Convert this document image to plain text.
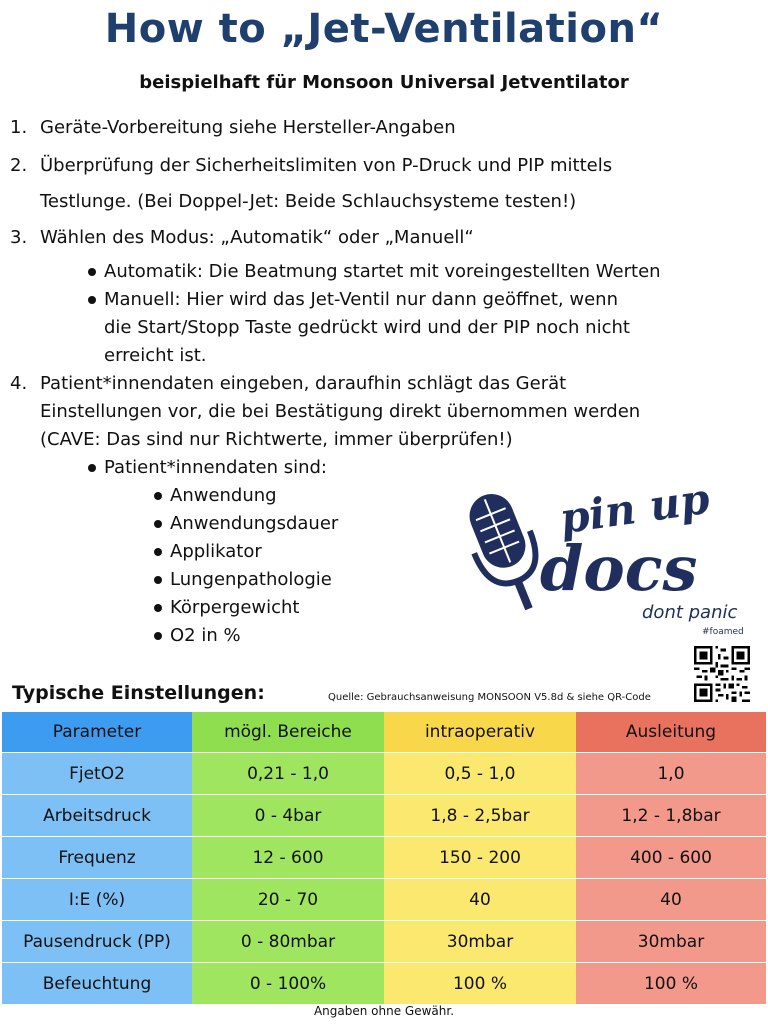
How to „Jet-Ventilation“
beispielhaft für Monsoon Universal Jetventilator
1. Geräte-Vorbereitung siehe Hersteller-Angaben
2. Überprüfung der Sicherheitslimiten von P-Druck und PIP mittels
Testlunge. (Bei Doppel-Jet: Beide Schlauchsysteme testen!)
3. Wählen des Modus: „Automatik“ oder „Manuell“
Automatik: Die Beatmung startet mit voreingestellten Werten
Manuell: Hier wird das Jet-Ventil nur dann geöffnet, wenn
die Start/Stopp Taste gedrückt wird und der PIP noch nicht
erreicht ist.
4. Patient*innendaten eingeben, daraufhin schlägt das Gerät
Einstellungen vor, die bei Bestätigung direkt übernommen werden
(CAVE: Das sind nur Richtwerte, immer überprüfen!)
Patient*innendaten sind:
Anwendung
Anwendungsdauer
Applikator
Lungenpathologie
Körpergewicht
O2 in %
pin up
docs
dont panic
#foamed
Typische Einstellungen:	Quelle: Gebrauchsanweisung MONSOON V5.8d & siehe QR-Code
Parameter	mögl. Bereiche	intraoperativ	Ausleitung
FjetO2	0,21 - 1,0	0,5 - 1,0	1,0
Arbeitsdruck	0 - 4bar	1,8 - 2,5bar	1,2 - 1,8bar
Frequenz	12 - 600	150 - 200	400 - 600
I:E (%)	20 - 70	40	40
Pausendruck (PP)	0 - 80mbar	30mbar	30mbar
Befeuchtung	0 - 100%	100 %	100 %
Angaben ohne Gewähr.
